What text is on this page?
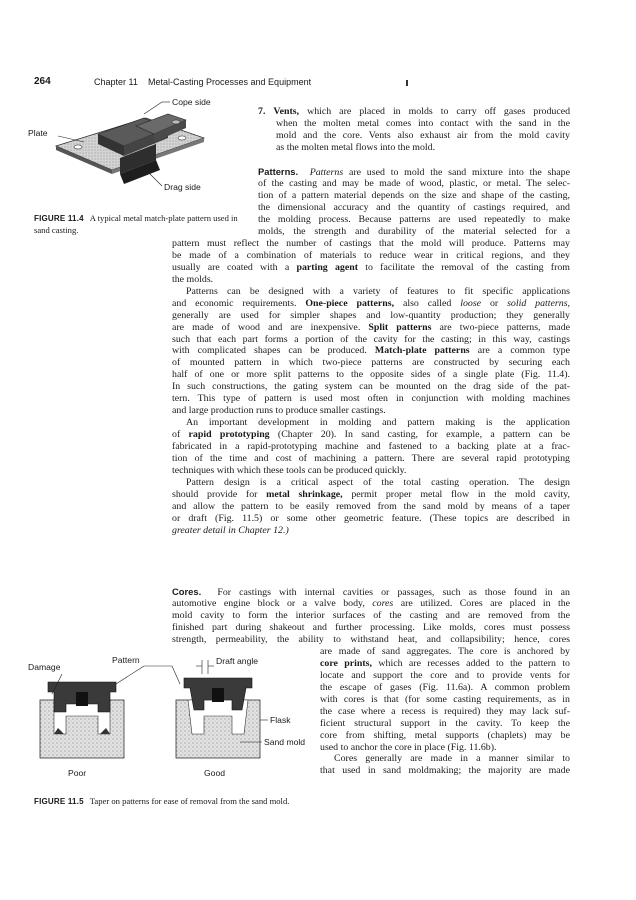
264	Chapter 11 Metal-Casting Processes and Equipment
Cope side
Plate
Drag side
FIGURE 11.4 A typical metal match-plate pattern used in sand casting.
7. Vents, which are placed in molds to carry off gases produced
when the molten metal comes into contact with the sand in the
mold and the core. Vents also exhaust air from the mold cavity
as the molten metal flows into the mold.
Patterns. Patterns are used to mold the sand mixture into the shape
of the casting and may be made of wood, plastic, or metal. The selec-
tion of a pattern material depends on the size and shape of the casting,
the dimensional accuracy and the quantity of castings required, and
the molding process. Because patterns are used repeatedly to make
molds, the strength and durability of the material selected for a
pattern must reflect the number of castings that the mold will produce. Patterns may
be made of a combination of materials to reduce wear in critical regions, and they
usually are coated with a parting agent to facilitate the removal of the casting from
the molds.
Patterns can be designed with a variety of features to fit specific applications
and economic requirements. One-piece patterns, also called loose or solid patterns,
generally are used for simpler shapes and low-quantity production; they generally
are made of wood and are inexpensive. Split patterns are two-piece patterns, made
such that each part forms a portion of the cavity for the casting; in this way, castings
with complicated shapes can be produced. Match-plate patterns are a common type
of mounted pattern in which two-piece patterns are constructed by securing each
half of one or more split patterns to the opposite sides of a single plate (Fig. 11.4).
In such constructions, the gating system can be mounted on the drag side of the pat-
tern. This type of pattern is used most often in conjunction with molding machines
and large production runs to produce smaller castings.
An important development in molding and pattern making is the application
of rapid prototyping (Chapter 20). In sand casting, for example, a pattern can be
fabricated in a rapid-prototyping machine and fastened to a backing plate at a frac-
tion of the time and cost of machining a pattern. There are several rapid prototyping
techniques with which these tools can be produced quickly.
Pattern design is a critical aspect of the total casting operation. The design
should provide for metal shrinkage, permit proper metal flow in the mold cavity,
and allow the pattern to be easily removed from the sand mold by means of a taper
or draft (Fig. 11.5) or some other geometric feature. (These topics are described in
greater detail in Chapter 12.)
Cores. For castings with internal cavities or passages, such as those found in an
automotive engine block or a valve body, cores are utilized. Cores are placed in the
mold cavity to form the interior surfaces of the casting and are removed from the
finished part during shakeout and further processing. Like molds, cores must possess
strength, permeability, the ability to withstand heat, and collapsibility; hence, cores
are made of sand aggregates. The core is anchored by
core prints, which are recesses added to the pattern to
locate and support the core and to provide vents for
the escape of gases (Fig. 11.6a). A common problem
with cores is that (for some casting requirements, as in
the case where a recess is required) they may lack suf-
ficient structural support in the cavity. To keep the
core from shifting, metal supports (chaplets) may be
used to anchor the core in place (Fig. 11.6b).
Cores generally are made in a manner similar to
that used in sand moldmaking; the majority are made
Damage
Pattern	Draft angle
Flask
Sand mold
Poor	Good
FIGURE 11.5 Taper on patterns for ease of removal from the sand mold.
